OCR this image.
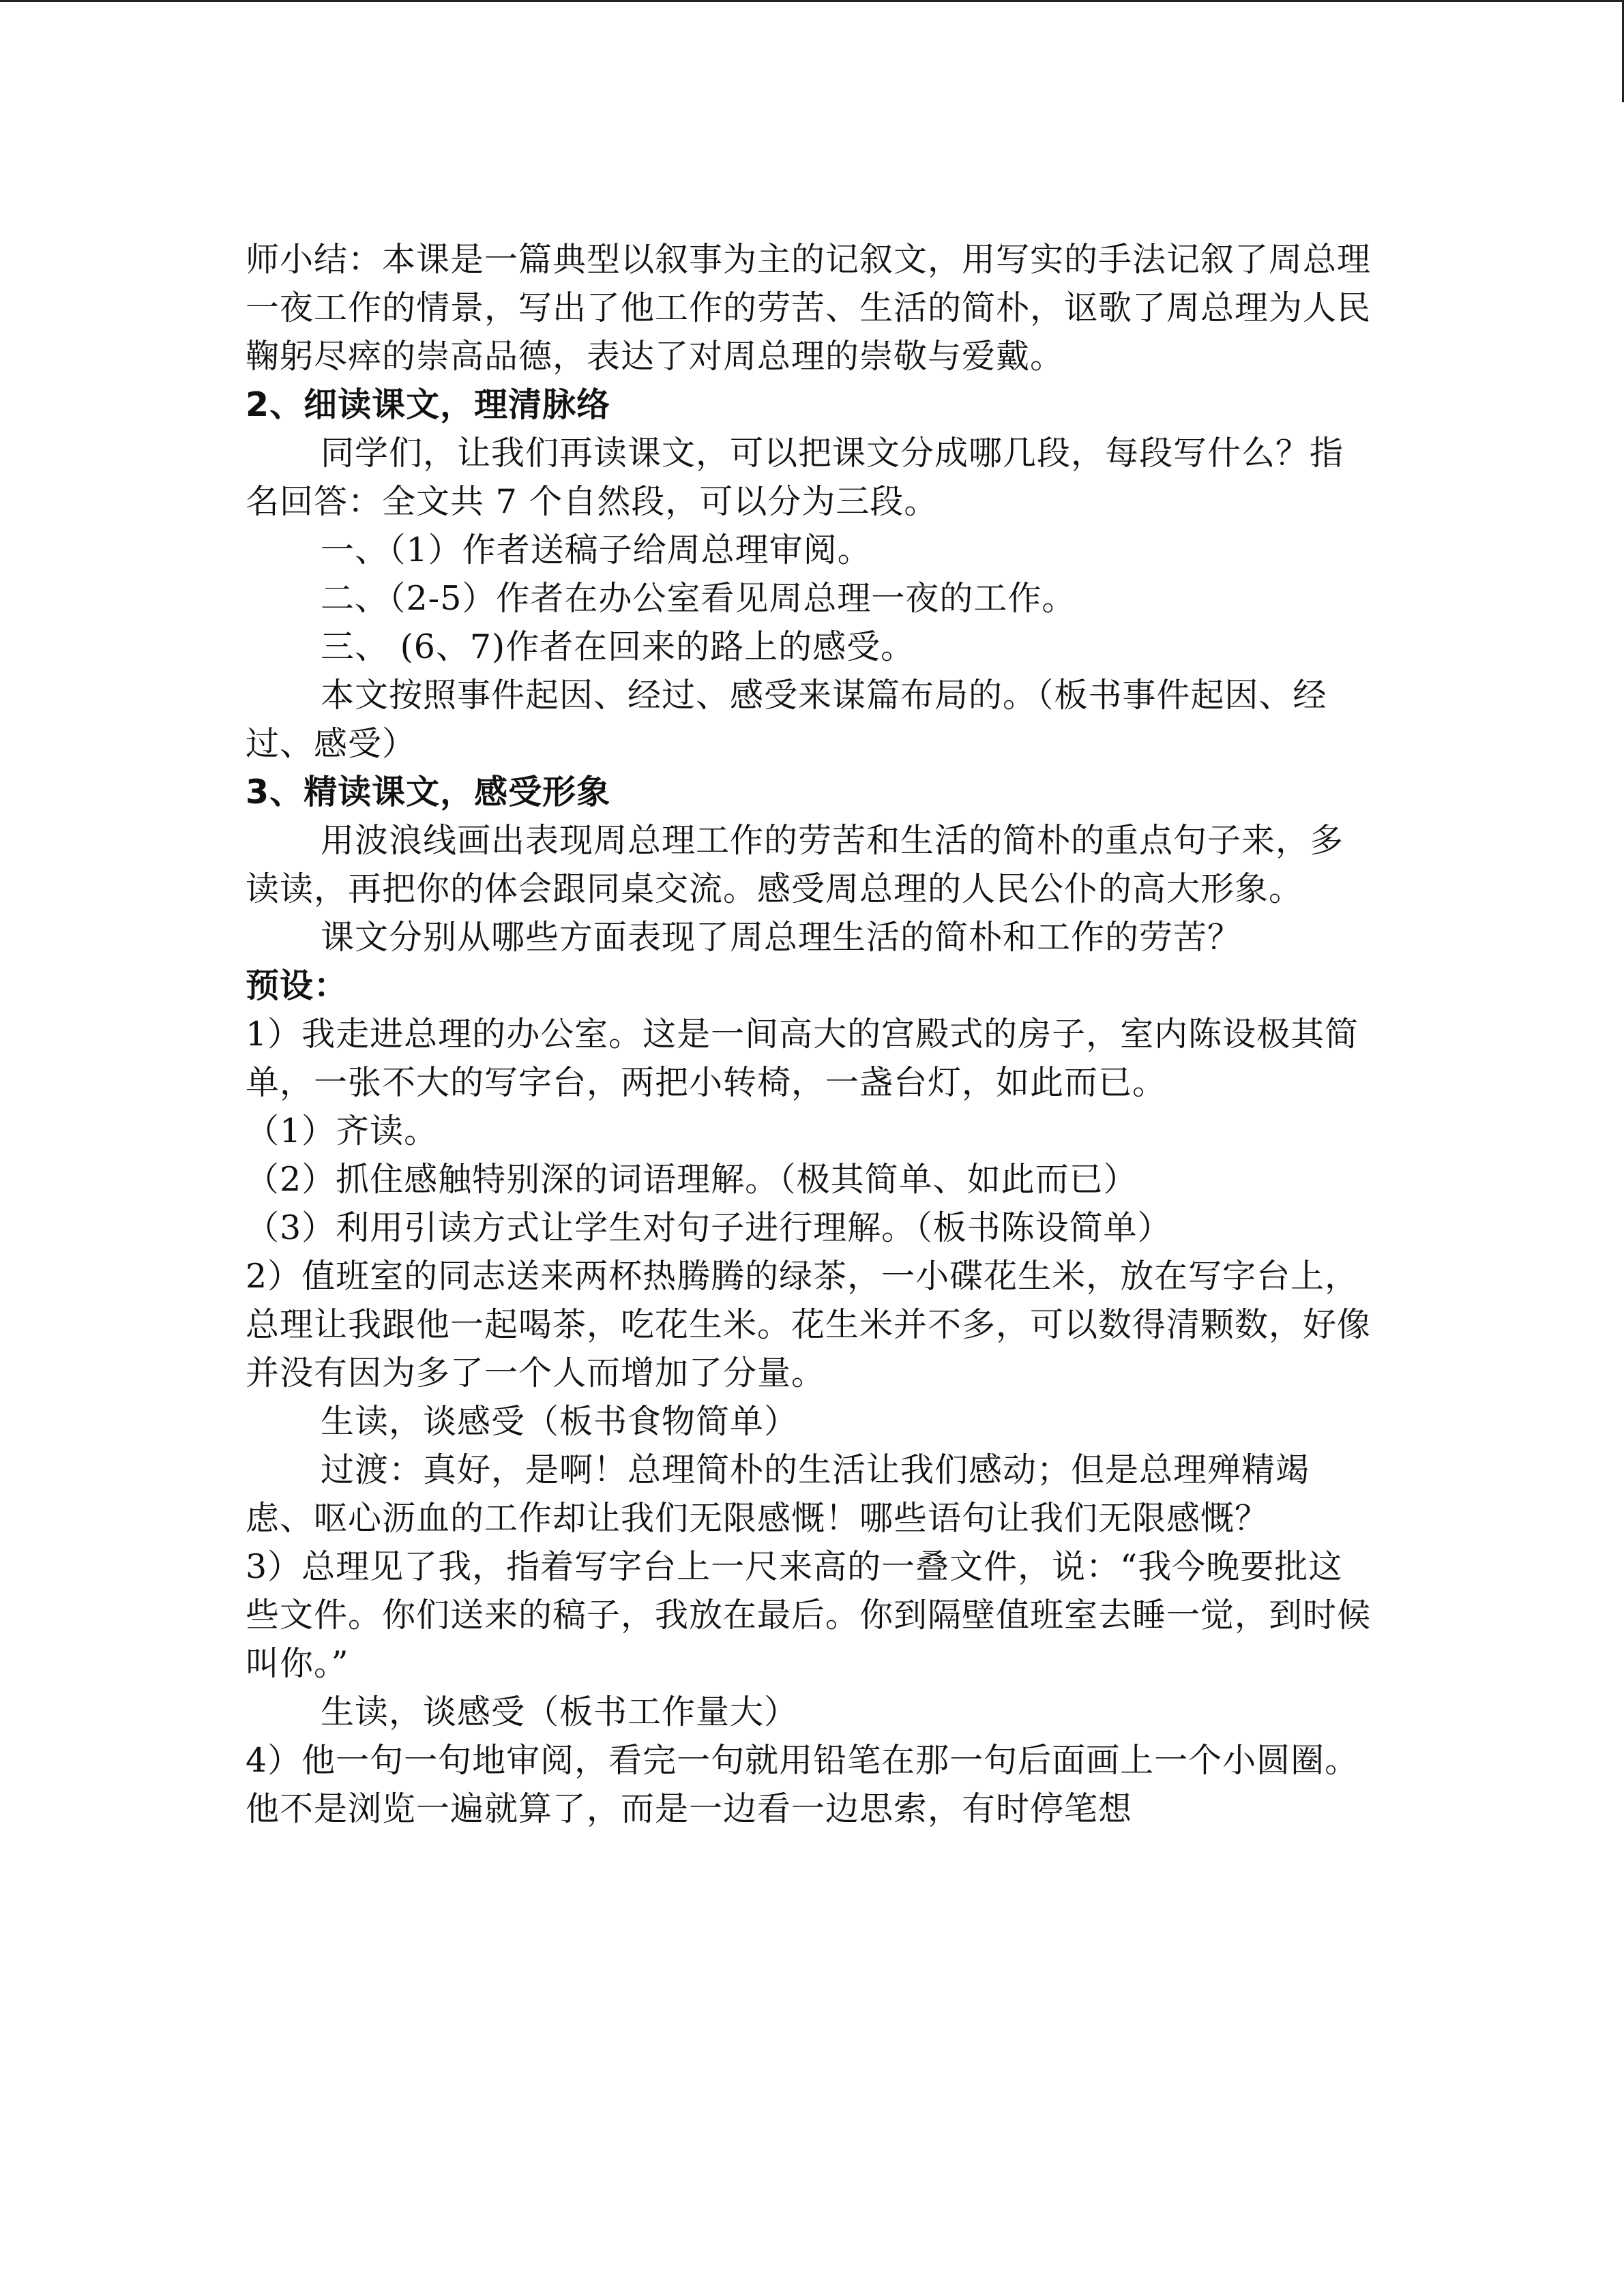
师小结：本课是一篇典型以叙事为主的记叙文，用写实的手法记叙了周总理一夜工作的情景，写出了他工作的劳苦、生活的简朴，讴歌了周总理为人民鞠躬尽瘁的崇高品德，表达了对周总理的崇敬与爱戴。

2、细读课文，理清脉络

同学们，让我们再读课文，可以把课文分成哪几段，每段写什么？指名回答：全文共 7 个自然段，可以分为三段。

一、（1）作者送稿子给周总理审阅。

二、（2-5）作者在办公室看见周总理一夜的工作。

三、 (6、7)作者在回来的路上的感受。

本文按照事件起因、经过、感受来谋篇布局的。（板书事件起因、经过、感受）

3、精读课文，感受形象

用波浪线画出表现周总理工作的劳苦和生活的简朴的重点句子来，多读读，再把你的体会跟同桌交流。感受周总理的人民公仆的高大形象。

课文分别从哪些方面表现了周总理生活的简朴和工作的劳苦？

预设：

1）我走进总理的办公室。这是一间高大的宫殿式的房子，室内陈设极其简单，一张不大的写字台，两把小转椅，一盏台灯，如此而已。

（1）齐读。

（2）抓住感触特别深的词语理解。（极其简单、如此而已）

（3）利用引读方式让学生对句子进行理解。（板书陈设简单）

2）值班室的同志送来两杯热腾腾的绿茶，一小碟花生米，放在写字台上，总理让我跟他一起喝茶，吃花生米。花生米并不多，可以数得清颗数，好像并没有因为多了一个人而增加了分量。

生读，谈感受（板书食物简单）

过渡：真好，是啊！总理简朴的生活让我们感动；但是总理殚精竭虑、呕心沥血的工作却让我们无限感慨！哪些语句让我们无限感慨？

3）总理见了我，指着写字台上一尺来高的一叠文件，说：“我今晚要批这些文件。你们送来的稿子，我放在最后。你到隔壁值班室去睡一觉，到时候叫你。”

生读，谈感受（板书工作量大）

4）他一句一句地审阅，看完一句就用铅笔在那一句后面画上一个小圆圈。他不是浏览一遍就算了，而是一边看一边思索，有时停笔想
